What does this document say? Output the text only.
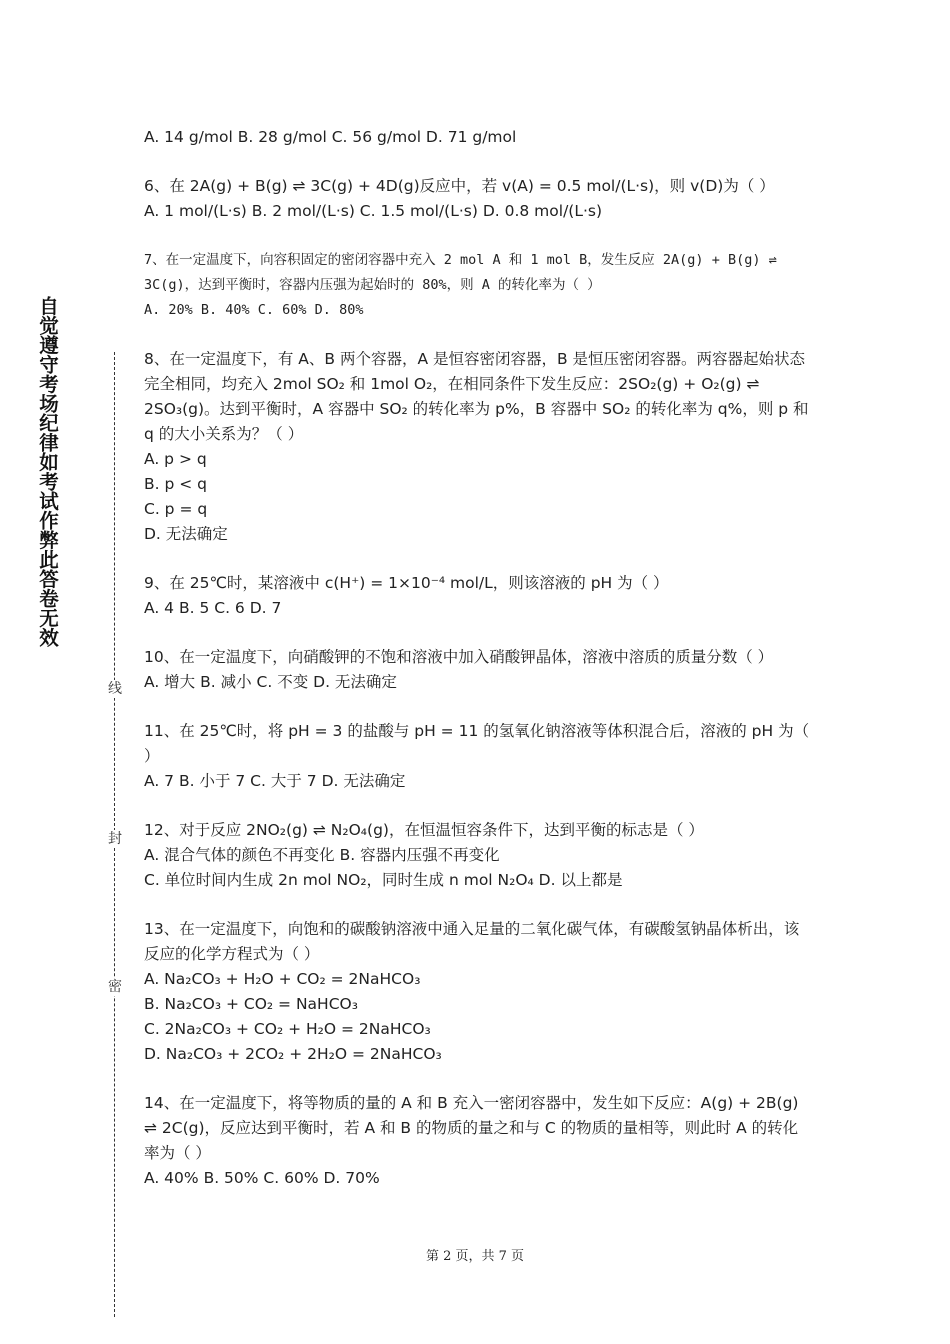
自觉遵守考场纪律如考试作弊此答卷无效
线
封
密
A. 14 g/mol B. 28 g/mol C. 56 g/mol D. 71 g/mol
6、在 2A(g) + B(g) ⇌ 3C(g) + 4D(g)反应中，若 v(A) = 0.5 mol/(L·s)，则 v(D)为（ ）
A. 1 mol/(L·s) B. 2 mol/(L·s) C. 1.5 mol/(L·s) D. 0.8 mol/(L·s)
7、在一定温度下，向容积固定的密闭容器中充入 2 mol A 和 1 mol B，发生反应 2A(g) + B(g) ⇌ 3C(g)，达到平衡时，容器内压强为起始时的 80%，则 A 的转化率为（ ）
A. 20% B. 40% C. 60% D. 80%
8、在一定温度下，有 A、B 两个容器，A 是恒容密闭容器，B 是恒压密闭容器。两容器起始状态完全相同，均充入 2mol SO₂ 和 1mol O₂，在相同条件下发生反应：2SO₂(g) + O₂(g) ⇌ 2SO₃(g)。达到平衡时，A 容器中 SO₂ 的转化率为 p%，B 容器中 SO₂ 的转化率为 q%，则 p 和 q 的大小关系为？（ ）
A. p > q
B. p < q
C. p = q
D. 无法确定
9、在 25℃时，某溶液中 c(H⁺) = 1×10⁻⁴ mol/L，则该溶液的 pH 为（ ）
A. 4 B. 5 C. 6 D. 7
10、在一定温度下，向硝酸钾的不饱和溶液中加入硝酸钾晶体，溶液中溶质的质量分数（ ）
A. 增大 B. 减小 C. 不变 D. 无法确定
11、在 25℃时，将 pH = 3 的盐酸与 pH = 11 的氢氧化钠溶液等体积混合后，溶液的 pH 为（ ）
A. 7 B. 小于 7 C. 大于 7 D. 无法确定
12、对于反应 2NO₂(g) ⇌ N₂O₄(g)，在恒温恒容条件下，达到平衡的标志是（ ）
A. 混合气体的颜色不再变化 B. 容器内压强不再变化
C. 单位时间内生成 2n mol NO₂，同时生成 n mol N₂O₄ D. 以上都是
13、在一定温度下，向饱和的碳酸钠溶液中通入足量的二氧化碳气体，有碳酸氢钠晶体析出，该反应的化学方程式为（ ）
A. Na₂CO₃ + H₂O + CO₂ = 2NaHCO₃
B. Na₂CO₃ + CO₂ = NaHCO₃
C. 2Na₂CO₃ + CO₂ + H₂O = 2NaHCO₃
D. Na₂CO₃ + 2CO₂ + 2H₂O = 2NaHCO₃
14、在一定温度下，将等物质的量的 A 和 B 充入一密闭容器中，发生如下反应：A(g) + 2B(g) ⇌ 2C(g)，反应达到平衡时，若 A 和 B 的物质的量之和与 C 的物质的量相等，则此时 A 的转化率为（ ）
A. 40% B. 50% C. 60% D. 70%
第 2 页，共 7 页
